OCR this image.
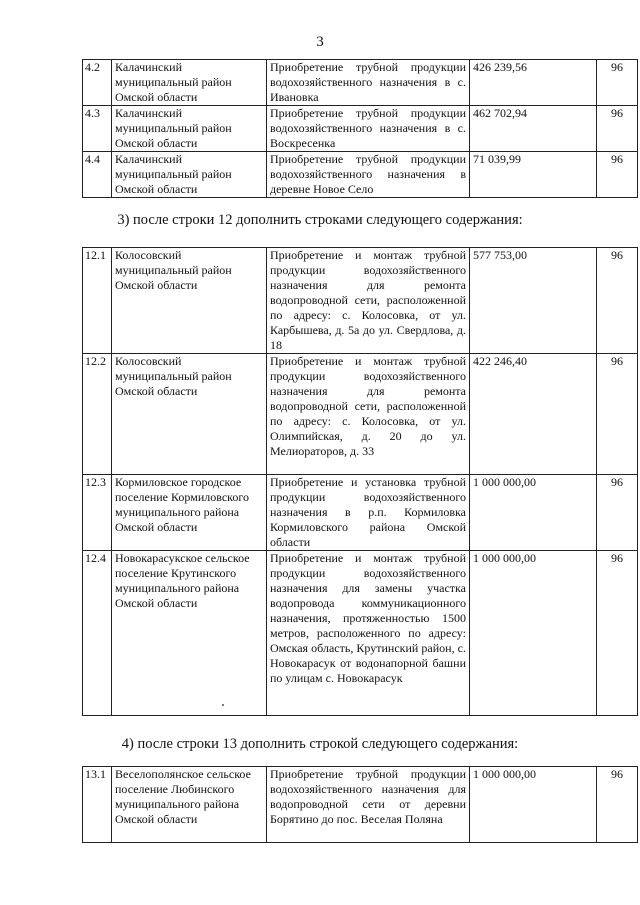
3
4.2	Калачинский муниципальный район Омской области	Приобретение трубной продукции водохозяйственного назначения в с. Ивановка	426 239,56	96
4.3	Калачинский муниципальный район Омской области	Приобретение трубной продукции водохозяйственного назначения в с. Воскресенка	462 702,94	96
4.4	Калачинский муниципальный район Омской области	Приобретение трубной продукции водохозяйственного назначения в деревне Новое Село	71 039,99	96
3) после строки 12 дополнить строками следующего содержания:
12.1	Колосовский муниципальный район Омской области	Приобретение и монтаж трубной продукции водохозяйственного назначения для ремонта водопроводной сети, расположенной по адресу: с. Колосовка, от ул. Карбышева, д. 5а до ул. Свердлова, д. 18	577 753,00	96
12.2	Колосовский муниципальный район Омской области	Приобретение и монтаж трубной продукции водохозяйственного назначения для ремонта водопроводной сети, расположенной по адресу: с. Колосовка, от ул. Олимпийская, д. 20 до ул. Мелиораторов, д. 33	422 246,40	96
12.3	Кормиловское городское поселение Кормиловского муниципального района Омской области	Приобретение и установка трубной продукции водохозяйственного назначения в р.п. Кормиловка Кормиловского района Омской области	1 000 000,00	96
12.4	Новокарасукское сельское поселение Крутинского муниципального района Омской области	Приобретение и монтаж трубной продукции водохозяйственного назначения для замены участка водопровода коммуникационного назначения, протяженностью 1500 метров, расположенного по адресу: Омская область, Крутинский район, с. Новокарасук от водонапорной башни по улицам с. Новокарасук	1 000 000,00	96
4) после строки 13 дополнить строкой следующего содержания:
13.1	Веселополянское сельское поселение Любинского муниципального района Омской области	Приобретение трубной продукции водохозяйственного назначения для водопроводной сети от деревни Борятино до пос. Веселая Поляна	1 000 000,00	96
